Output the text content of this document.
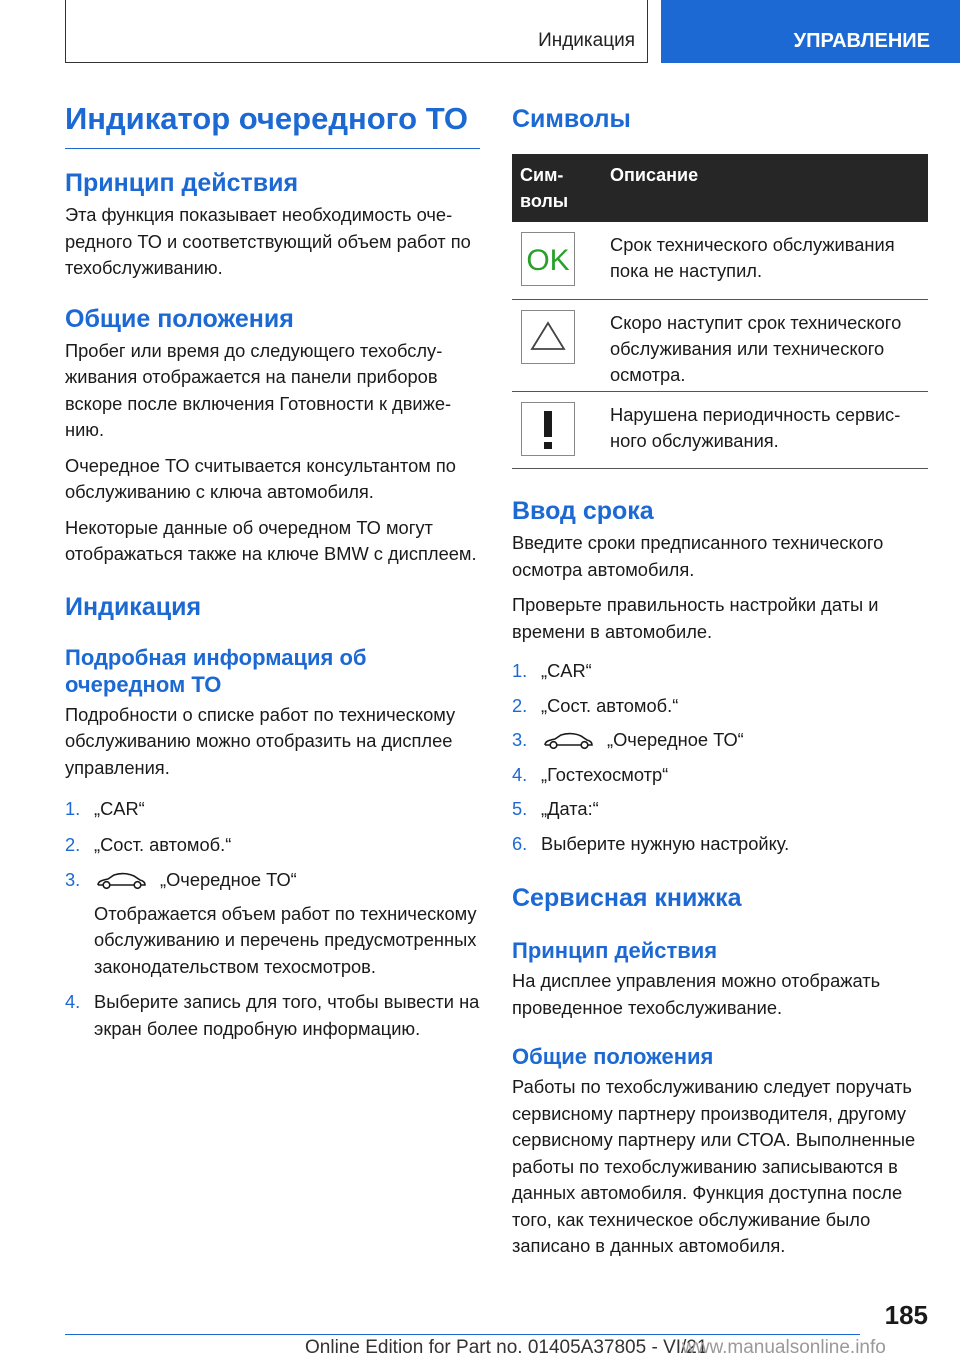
Индикация	УПРАВЛЕНИЕ
Индикатор очередного ТО
Принцип действия

Эта функция показывает необходимость очередного ТО и соответствующий объем работ по техобслуживанию.

Общие положения

Пробег или время до следующего техобслуживания отображается на панели приборов вскоре после включения Готовности к движению.

Очередное ТО считывается консультантом по обслуживанию с ключа автомобиля.

Некоторые данные об очередном ТО могут отображаться также на ключе BMW с дисплеем.

Индикация
Подробная информация об очередном ТО

Подробности о списке работ по техническому обслуживанию можно отобразить на дисплее управления.

1. „CAR“
2. „Сост. автомоб.“
3.	„Очередное ТО“

Отображается объем работ по техническому обслуживанию и перечень предусмотренных законодательством техосмотров.
4. Выберите запись для того, чтобы вывести на экран более подробную информацию.
Символы
Символы	Описание

OK	Срок технического обслуживания пока не наступил.

	Скоро наступит срок технического обслуживания или технического осмотра.

	Нарушена периодичность сервисного обслуживания.
Ввод срока

Введите сроки предписанного технического осмотра автомобиля.

Проверьте правильность настройки даты и времени в автомобиле.

1. „CAR“
2. „Сост. автомоб.“
3.	„Очередное ТО“
4. „Гостехосмотр“
5. „Дата:“
6. Выберите нужную настройку.
Сервисная книжка
Принцип действия

На дисплее управления можно отображать проведенное техобслуживание.

Общие положения

Работы по техобслуживанию следует поручать сервисному партнеру производителя, другому сервисному партнеру или СТОА. Выполненные работы по техобслуживанию записываются в данных автомобиля. Функция доступна после того, как техническое обслуживание было записано в данных автомобиля.

185
Online Edition for Part no. 01405A37805 - VI/21
www.manualsonline.info
